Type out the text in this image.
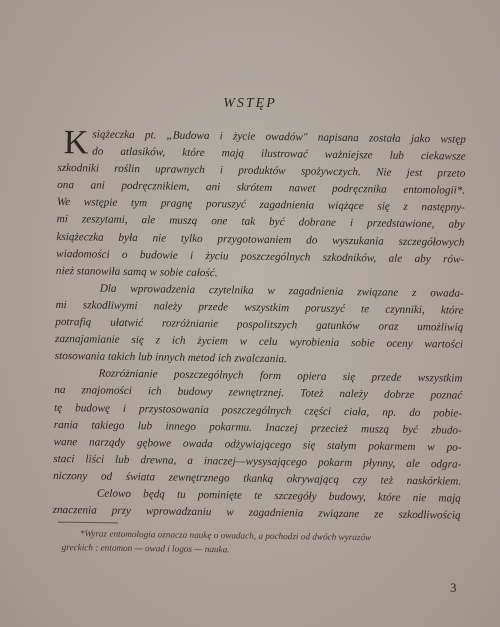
WSTĘP
K siążeczka pt. „Budowa i życie owadów" napisana została jako wstęp
do atlasików, które mają ilustrować ważniejsze lub ciekawsze
szkodniki roślin uprawnych i produktów spożywczych. Nie jest przeto
ona ani podręcznikiem, ani skrótem nawet podręcznika entomologii*.
We wstępie tym pragnę poruszyć zagadnienia wiążące się z następny-
mi zeszytami, ale muszą one tak być dobrane i przedstawione, aby
książeczka była nie tylko przygotowaniem do wyszukania szczegółowych
wiadomości o budowie i życiu poszczególnych szkodników, ale aby rów-
nież stanowiła samą w sobie całość.
Dla wprowadzenia czytelnika w zagadnienia związane z owada-
mi szkodliwymi należy przede wszystkim poruszyć te czynniki, które
potrafią ułatwić rozróżnianie pospolitszych gatunków oraz umożliwią
zaznajamianie się z ich życiem w celu wyrobienia sobie oceny wartości
stosowania takich lub innych metod ich zwalczania.
Rozróżnianie poszczególnych form opiera się przede wszystkim
na znajomości ich budowy zewnętrznej. Toteż należy dobrze poznać
tę budowę i przystosowania poszczególnych części ciała, np. do pobie-
rania takiego lub innego pokarmu. Inaczej przecież muszą być zbudo-
wane narządy gębowe owada odżywiającego się stałym pokarmem w po-
staci liści lub drewna, a inaczej—wysysającego pokarm płynny, ale odgra-
niczony od świata zewnętrznego tkanką okrywającą czy też naskórkiem.
Celowo będą tu pominięte te szczegóły budowy, które nie mają
znaczenia przy wprowadzaniu w zagadnienia związane ze szkodliwością
*Wyraz entomologia oznacza naukę o owadach, a pochodzi od dwóch wyrazów
greckich : entomon — owad i logos — nauka.
3
